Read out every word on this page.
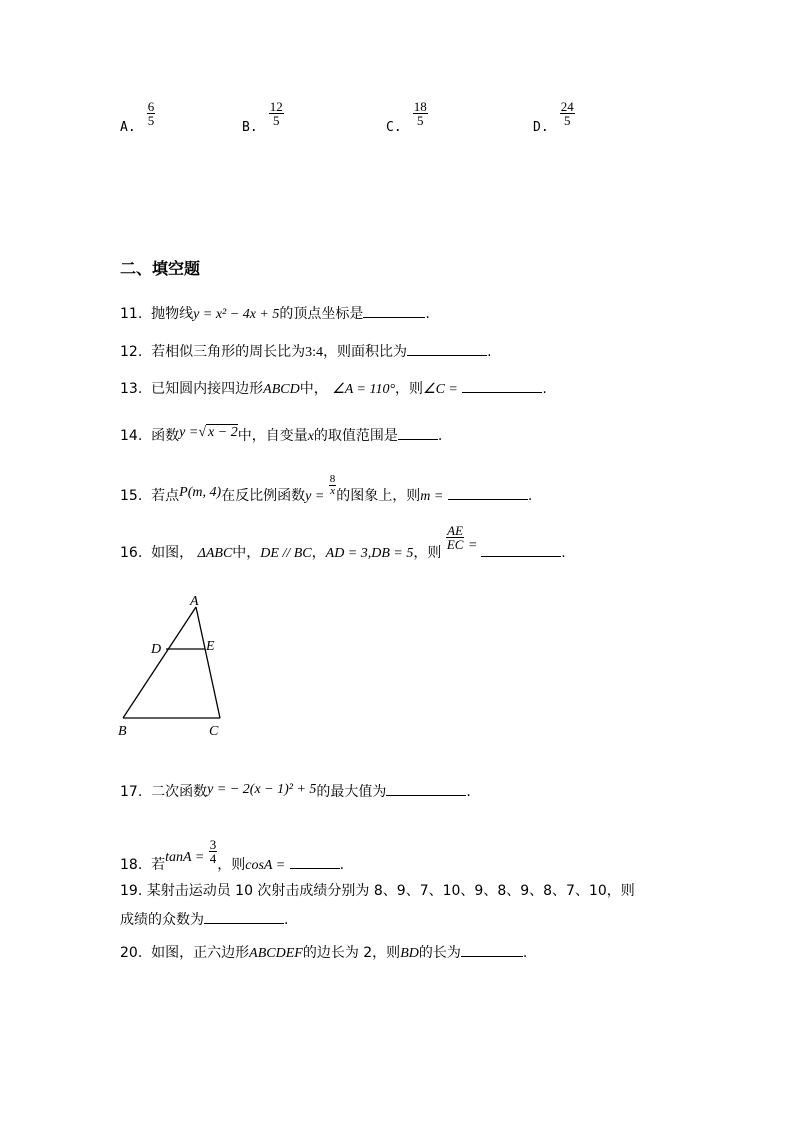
A.
$\frac{6}{5}$
B.
$\frac{12}{5}$
C.
$\frac{18}{5}$
D.
$\frac{24}{5}$
二、填空题
11. 抛物线y = x² − 4x + 5的顶点坐标是	.
12. 若相似三角形的周长比为3:4，则面积比为	.
13. 已知圆内接四边形ABCD中， ∠A = 110°，则∠C =	.
14. 函数y =√ x − 2中，自变量x的取值范围是	.
15. 若点P(m, 4)在反比例函数$y = \frac{8}{x}$ 的图象上，则m =	.
16. 如图， ΔABC中，DE // BC，AD = 3,DB = 5，则
$\frac{AE}{EC}$ =	.
A
B	C
D	E
17. 二次函数y = − 2(x − 1)² + 5的最大值为	.
18. 若$\tan A = \frac{3}{4}$ ，则cosA =	.
19. 某射击运动员 10 次射击成绩分别为 8、9、7、10、9、8、9、8、7、10，则
成绩的众数为	.
20. 如图，正六边形ABCDEF的边长为 2，则BD的长为	.
